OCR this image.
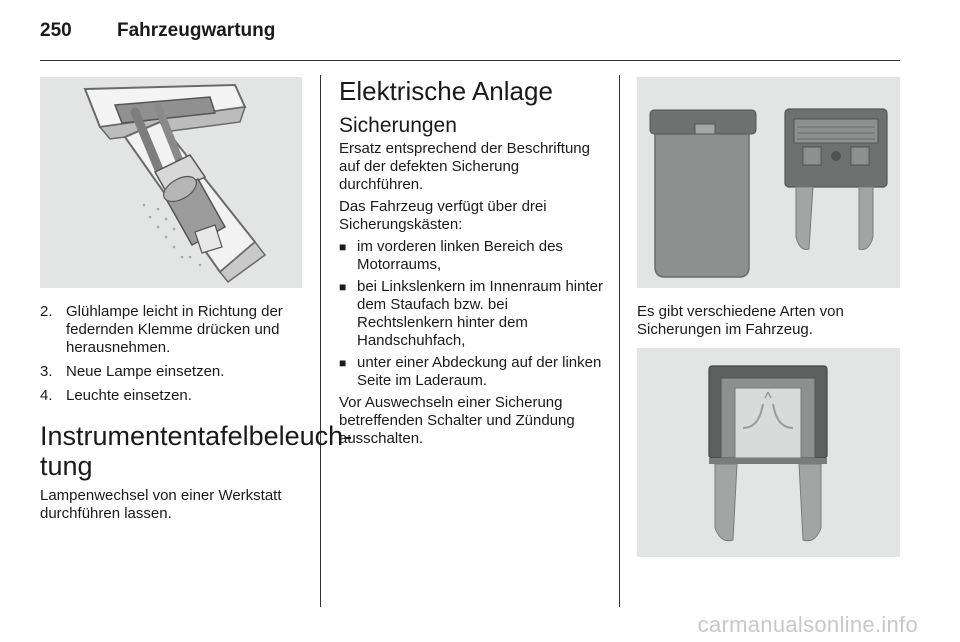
250 Fahrzeugwartung
2. Glühlampe leicht in Richtung der federnden Klemme drücken und herausnehmen.
3. Neue Lampe einsetzen.
4. Leuchte einsetzen.
Instrumententafelbeleuch-
tung

Lampenwechsel von einer Werkstatt durchführen lassen.

Elektrische Anlage
Sicherungen

Ersatz entsprechend der Beschriftung auf der defekten Sicherung durchführen.

Das Fahrzeug verfügt über drei Sicherungskästen:

■ im vorderen linken Bereich des Motorraums,
■ bei Linkslenkern im Innenraum hinter dem Staufach bzw. bei Rechtslenkern hinter dem Handschuhfach,
■ unter einer Abdeckung auf der linken Seite im Laderaum.

Vor Auswechseln einer Sicherung betreffenden Schalter und Zündung ausschalten.

Es gibt verschiedene Arten von Sicherungen im Fahrzeug.

carmanualsonline.info
